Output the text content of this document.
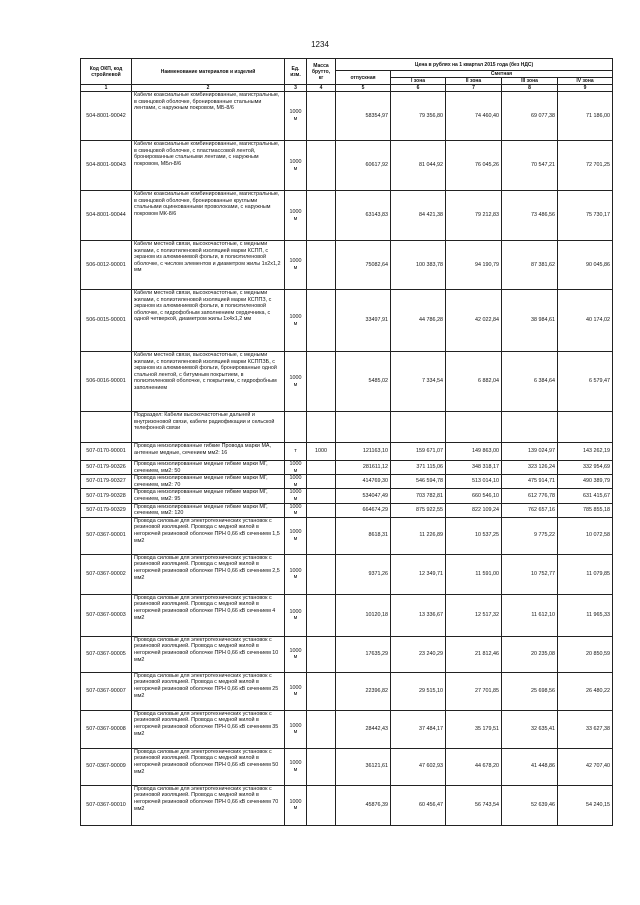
1234
Код ОКП, код стройлевой	Наименование материалов и изделий	Ед. изм.	Масса брутто, кг	Цена в рублях на 1 квартал 2015 года (без НДС)				
				отпускная	Сметная			
					I зона	II зона	III зона	IV зона
1	2	3	4	5	6	7	8	9
504-8001-90042	Кабели коаксиальные комбинированные, магистральные, в свинцовой оболочке, бронированные стальными лентами, с наружным покровом, МБ-8/6	1000 м		58354,97	79 356,80	74 460,40	69 077,38	71 186,00
504-8001-90043	Кабели коаксиальные комбинированные, магистральные, в свинцовой оболочке, с пластмассовой лентой, бронированные стальными лентами, с наружным покровом, МБл-8/6	1000 м		60617,92	81 044,92	76 045,26	70 547,21	72 701,25
504-8001-90044	Кабели коаксиальные комбинированные, магистральные, в свинцовой оболочке, бронированные круглыми стальными оцинкованными проволоками, с наружным покровом МК-8/6	1000 м		63143,83	84 421,38	79 212,83	73 486,56	75 730,17
506-0012-90001	Кабели местной связи, высокочастотные, с медными жилами, с полиэтиленовой изоляцией марки КСПП, с экраном из алюминиевой фольги, в полиэтиленовой оболочке, с числом элементов и диаметром жилы 1х2х1,2 мм	1000 м		75082,64	100 383,78	94 190,79	87 381,62	90 045,86
506-0015-90001	Кабели местной связи, высокочастотные, с медными жилами, с полиэтиленовой изоляцией марки КСППЗ, с экраном из алюминиевой фольги, в полиэтиленовой оболочке, с гидрофобным заполнением сердечника, с одной четверкой, диаметром жилы 1х4х1,2 мм	1000 м		33497,91	44 786,28	42 022,84	38 984,61	40 174,02
506-0016-90001	Кабели местной связи, высокочастотные, с медными жилами, с полиэтиленовой изоляцией марки КСППЗБ, с экраном из алюминиевой фольги, бронированные одной стальной лентой, с битумным покрытием, в полиэтиленовой оболочке, с покрытием, с гидрофобным заполнением	1000 м		5485,02	7 334,54	6 882,04	6 384,64	6 579,47
	Подраздел: Кабели высокочастотные дальней и внутризоновой связи, кабели радиофикации и сельской телефонной связи							
507-0170-90001	Провода неизолированные гибкие Провода марки МА, антенные медные, сечением мм2: 16	т	1000	121163,10	159 671,07	149 863,00	139 024,97	143 262,19
507-0179-90326	Провода неизолированные медные гибкие марки МГ, сечением, мм2: 50	1000 м		281611,12	371 115,06	348 318,17	323 126,24	332 954,69
507-0179-90327	Провода неизолированные медные гибкие марки МГ, сечением, мм2: 70	1000 м		414769,30	546 594,78	513 014,10	475 914,71	490 389,79
507-0179-90328	Провода неизолированные медные гибкие марки МГ, сечением, мм2: 95	1000 м		534047,49	703 782,81	660 546,10	612 776,78	631 415,67
507-0179-90329	Провода неизолированные медные гибкие марки МГ, сечением, мм2: 120	1000 м		664674,29	875 922,55	822 109,24	762 657,16	785 855,18
507-0367-90001	Провода силовые для электротехнических установок с резиновой изоляцией. Провода с медной жилой в негорючей резиновой оболочке ПРН 0,66 кВ сечением 1,5 мм2	1000 м		8618,31	11 226,89	10 537,25	9 775,22	10 072,58
507-0367-90002	Провода силовые для электротехнических установок с резиновой изоляцией. Провода с медной жилой в негорючей резиновой оболочке ПРН 0,66 кВ сечением 2,5 мм2	1000 м		9371,26	12 349,71	11 591,00	10 752,77	11 079,85
507-0367-90003	Провода силовые для электротехнических установок с резиновой изоляцией. Провода с медной жилой в негорючей резиновой оболочке ПРН 0,66 кВ сечением 4 мм2	1000 м		10120,18	13 336,67	12 517,32	11 612,10	11 965,33
507-0367-90005	Провода силовые для электротехнических установок с резиновой изоляцией. Провода с медной жилой в негорючей резиновой оболочке ПРН 0,66 кВ сечением 10 мм2	1000 м		17635,29	23 240,29	21 812,46	20 235,08	20 850,59
507-0367-90007	Провода силовые для электротехнических установок с резиновой изоляцией. Провода с медной жилой в негорючей резиновой оболочке ПРН 0,66 кВ сечением 25 мм2	1000 м		22396,82	29 515,10	27 701,85	25 698,56	26 480,22
507-0367-90008	Провода силовые для электротехнических установок с резиновой изоляцией. Провода с медной жилой в негорючей резиновой оболочке ПРН 0,66 кВ сечением 35 мм2	1000 м		28442,43	37 484,17	35 179,51	32 635,41	33 627,38
507-0367-90009	Провода силовые для электротехнических установок с резиновой изоляцией. Провода с медной жилой в негорючей резиновой оболочке ПРН 0,66 кВ сечением 50 мм2	1000 м		36121,61	47 602,93	44 678,20	41 448,86	42 707,40
507-0367-90010	Провода силовые для электротехнических установок с резиновой изоляцией. Провода с медной жилой в негорючей резиновой оболочке ПРН 0,66 кВ сечением 70 мм2	1000 м		45876,39	60 456,47	56 743,54	52 639,46	54 240,15
